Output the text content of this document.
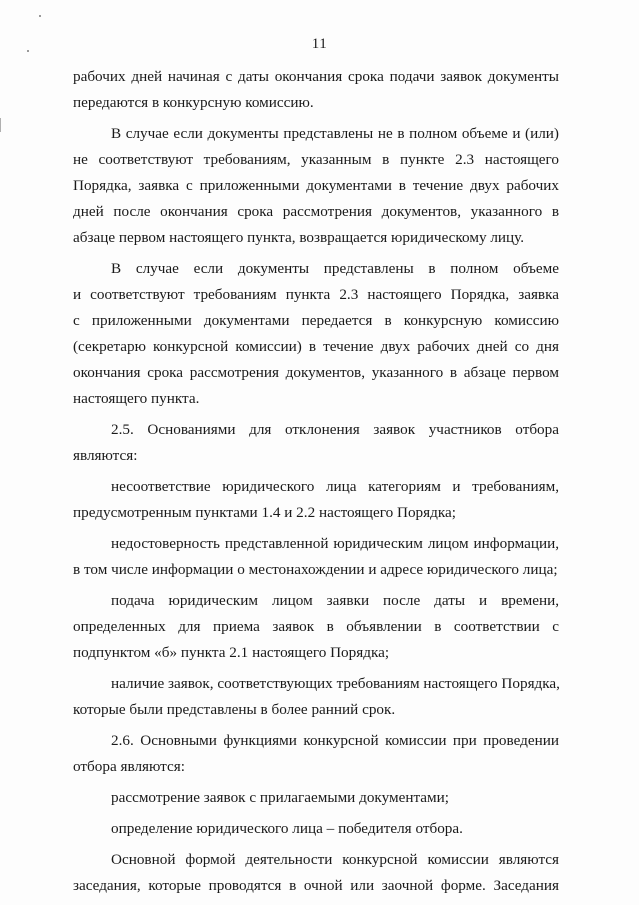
11
рабочих дней начиная с даты окончания срока подачи заявок документы
передаются в конкурсную комиссию.
В случае если документы представлены не в полном объеме и (или)
не соответствуют требованиям, указанным в пункте 2.3 настоящего
Порядка, заявка с приложенными документами в течение двух рабочих
дней после окончания срока рассмотрения документов, указанного в
абзаце первом настоящего пункта, возвращается юридическому лицу.
В случае если документы представлены в полном объеме
и соответствуют требованиям пункта 2.3 настоящего Порядка, заявка
с приложенными документами передается в конкурсную комиссию
(секретарю конкурсной комиссии) в течение двух рабочих дней со дня
окончания срока рассмотрения документов, указанного в абзаце первом
настоящего пункта.
2.5. Основаниями для отклонения заявок участников отбора
являются:
несоответствие юридического лица категориям и требованиям,
предусмотренным пунктами 1.4 и 2.2 настоящего Порядка;
недостоверность представленной юридическим лицом информации,
в том числе информации о местонахождении и адресе юридического лица;
подача юридическим лицом заявки после даты и времени,
определенных для приема заявок в объявлении в соответствии с
подпунктом «б» пункта 2.1 настоящего Порядка;
наличие заявок, соответствующих требованиям настоящего Порядка,
которые были представлены в более ранний срок.
2.6. Основными функциями конкурсной комиссии при проведении
отбора являются:
рассмотрение заявок с прилагаемыми документами;
определение юридического лица – победителя отбора.
Основной формой деятельности конкурсной комиссии являются
заседания, которые проводятся в очной или заочной форме. Заседания
